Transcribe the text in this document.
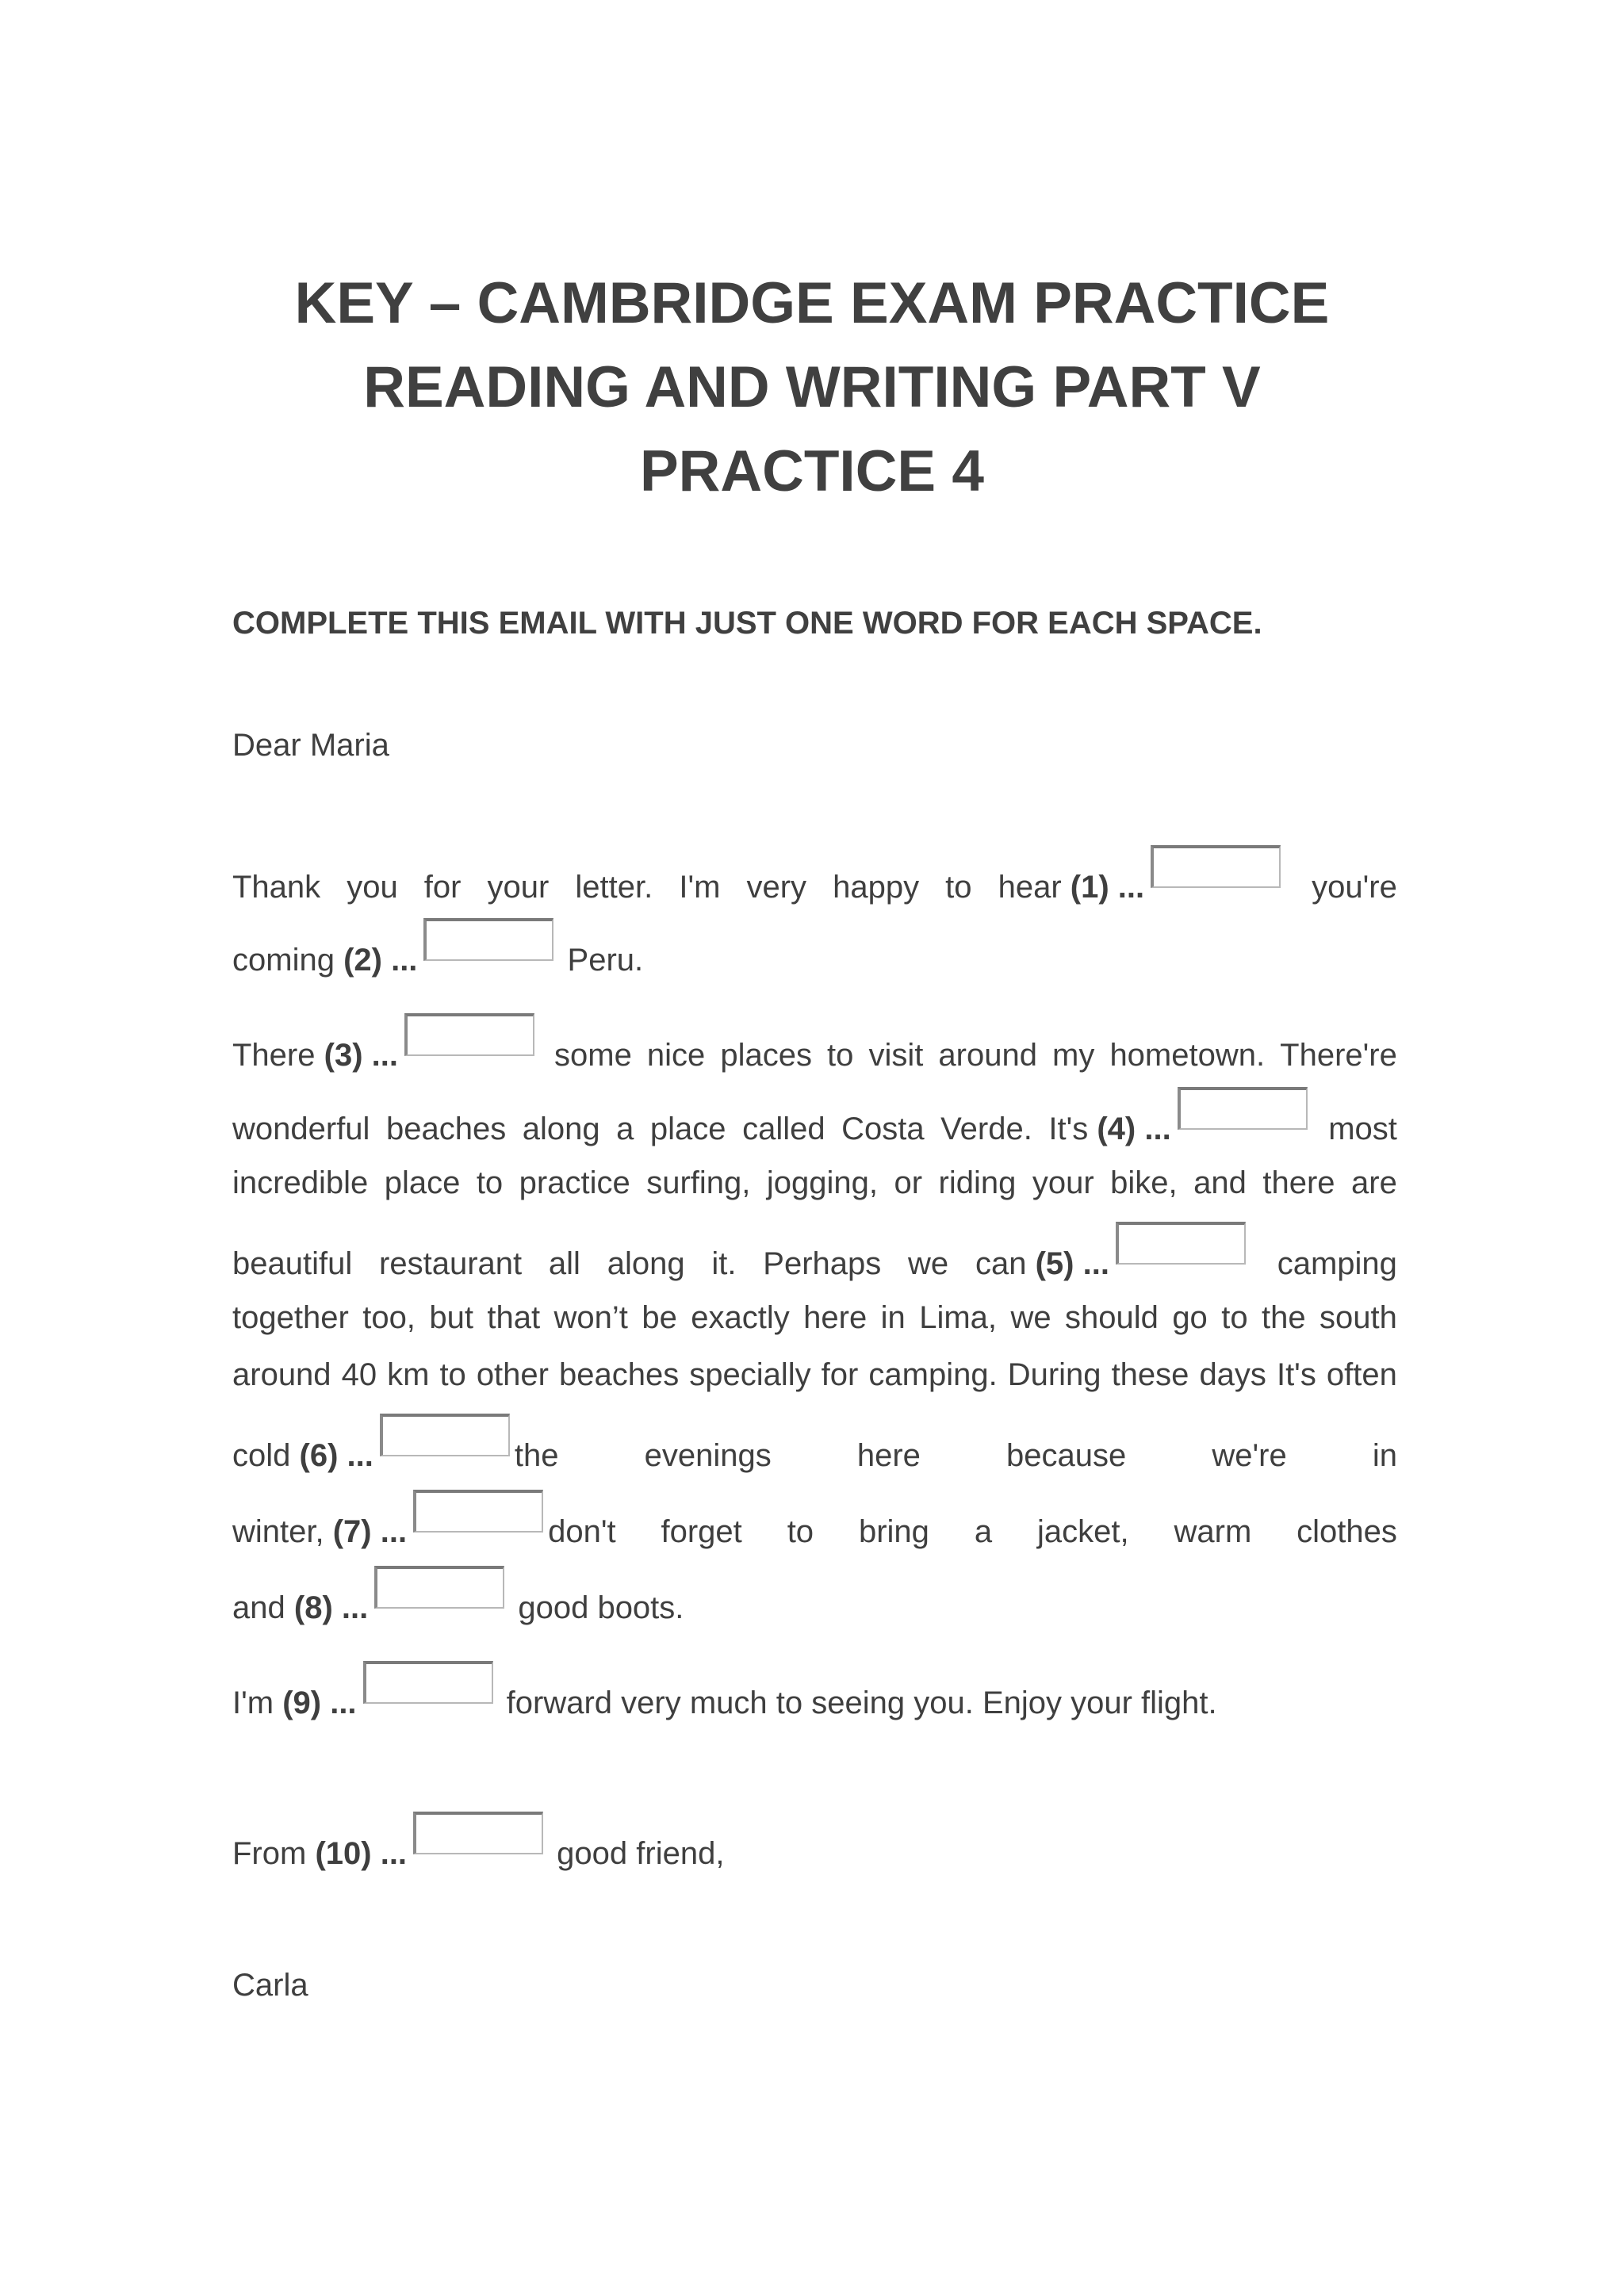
KEY – CAMBRIDGE EXAM PRACTICE
READING AND WRITING PART V
PRACTICE 4
COMPLETE THIS EMAIL WITH JUST ONE WORD FOR EACH SPACE.
Dear Maria
Thank you for your letter. I'm very happy to hear (1) ...	you're
coming (2) ...	Peru.
There (3) ...	some nice places to visit around my hometown. There're
wonderful beaches along a place called Costa Verde. It's (4) ...	most
incredible place to practice surfing, jogging, or riding your bike, and there are
beautiful restaurant all along it. Perhaps we can (5) ...	camping
together too, but that won’t be exactly here in Lima, we should go to the south
around 40 km to other beaches specially for camping. During these days It's often
cold (6) ...	the	evenings	here	because	we're	in
winter, (7) ...	don't forget to bring a jacket, warm clothes
and (8) ...	good boots.
I'm (9) ...	forward very much to seeing you. Enjoy your flight.
From (10) ...	good friend,
Carla
